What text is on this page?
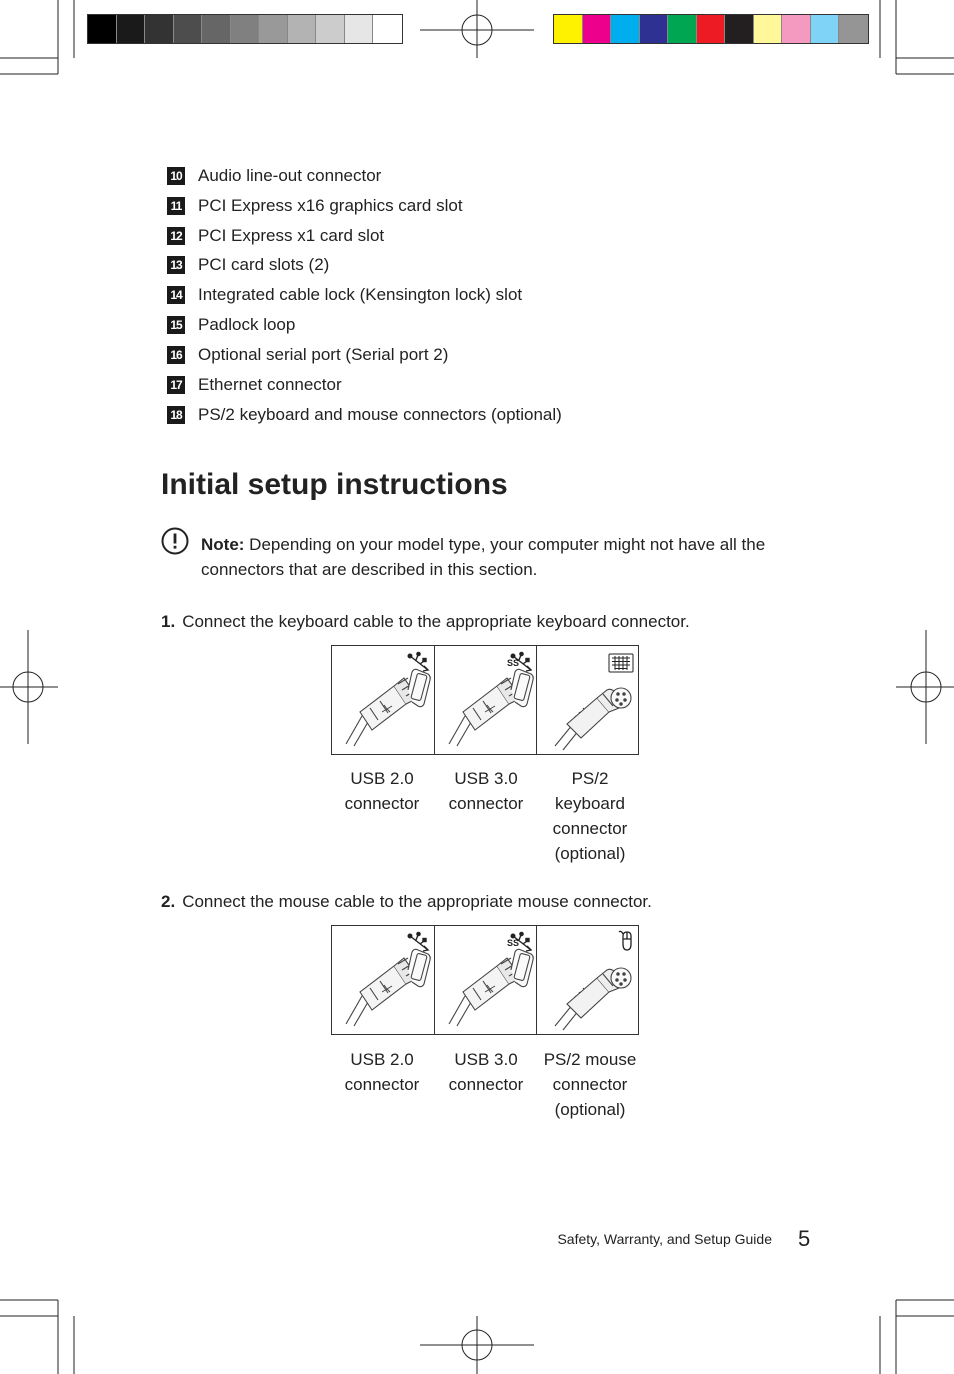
10 Audio line-out connector
11 PCI Express x16 graphics card slot
12 PCI Express x1 card slot
13 PCI card slots (2)
14 Integrated cable lock (Kensington lock) slot
15 Padlock loop
16 Optional serial port (Serial port 2)
17 Ethernet connector
18 PS/2 keyboard and mouse connectors (optional)
Initial setup instructions
Note: Depending on your model type, your computer might not have all the connectors that are described in this section.
1. Connect the keyboard cable to the appropriate keyboard connector.
SS
USB 2.0 connector
USB 3.0 connector
PS/2 keyboard connector (optional)
2. Connect the mouse cable to the appropriate mouse connector.
SS
USB 2.0 connector
USB 3.0 connector
PS/2 mouse connector (optional)
Safety, Warranty, and Setup Guide 5
